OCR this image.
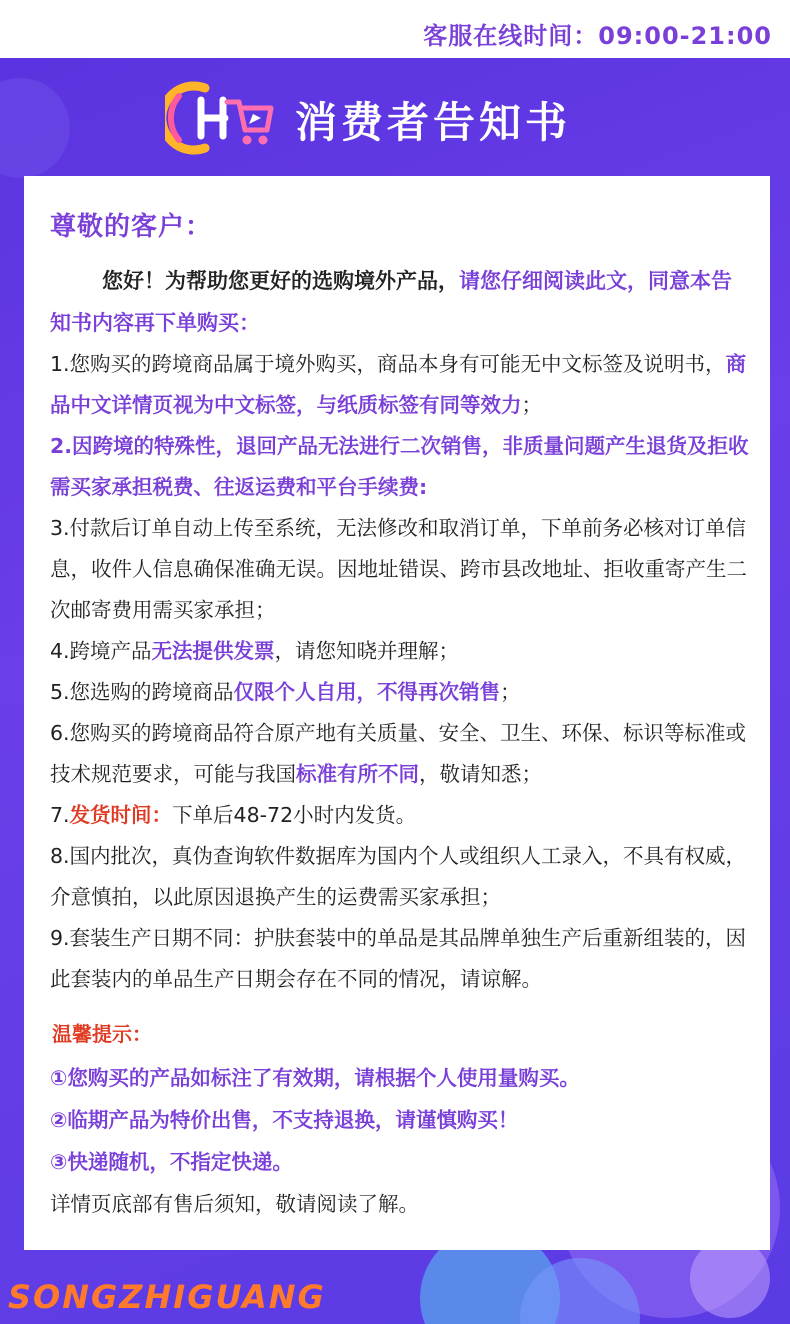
客服在线时间：09:00-21:00
消费者告知书
尊敬的客户：
您好！为帮助您更好的选购境外产品，请您仔细阅读此文，同意本告知书内容再下单购买：

1.您购买的跨境商品属于境外购买，商品本身有可能无中文标签及说明书，商品中文详情页视为中文标签，与纸质标签有同等效力；

2.因跨境的特殊性，退回产品无法进行二次销售，非质量问题产生退货及拒收需买家承担税费、往返运费和平台手续费:

3.付款后订单自动上传至系统，无法修改和取消订单，下单前务必核对订单信息，收件人信息确保准确无误。因地址错误、跨市县改地址、拒收重寄产生二次邮寄费用需买家承担；

4.跨境产品无法提供发票，请您知晓并理解；

5.您选购的跨境商品仅限个人自用，不得再次销售；

6.您购买的跨境商品符合原产地有关质量、安全、卫生、环保、标识等标准或技术规范要求，可能与我国标准有所不同，敬请知悉；

7.发货时间：下单后48-72小时内发货。

8.国内批次，真伪查询软件数据库为国内个人或组织人工录入，不具有权威，介意慎拍，以此原因退换产生的运费需买家承担；

9.套装生产日期不同：护肤套装中的单品是其品牌单独生产后重新组装的，因此套装内的单品生产日期会存在不同的情况，请谅解。

温馨提示：

①您购买的产品如标注了有效期，请根据个人使用量购买。

②临期产品为特价出售，不支持退换，请谨慎购买！

③快递随机，不指定快递。

详情页底部有售后须知，敬请阅读了解。

SONGZHIGUANG
